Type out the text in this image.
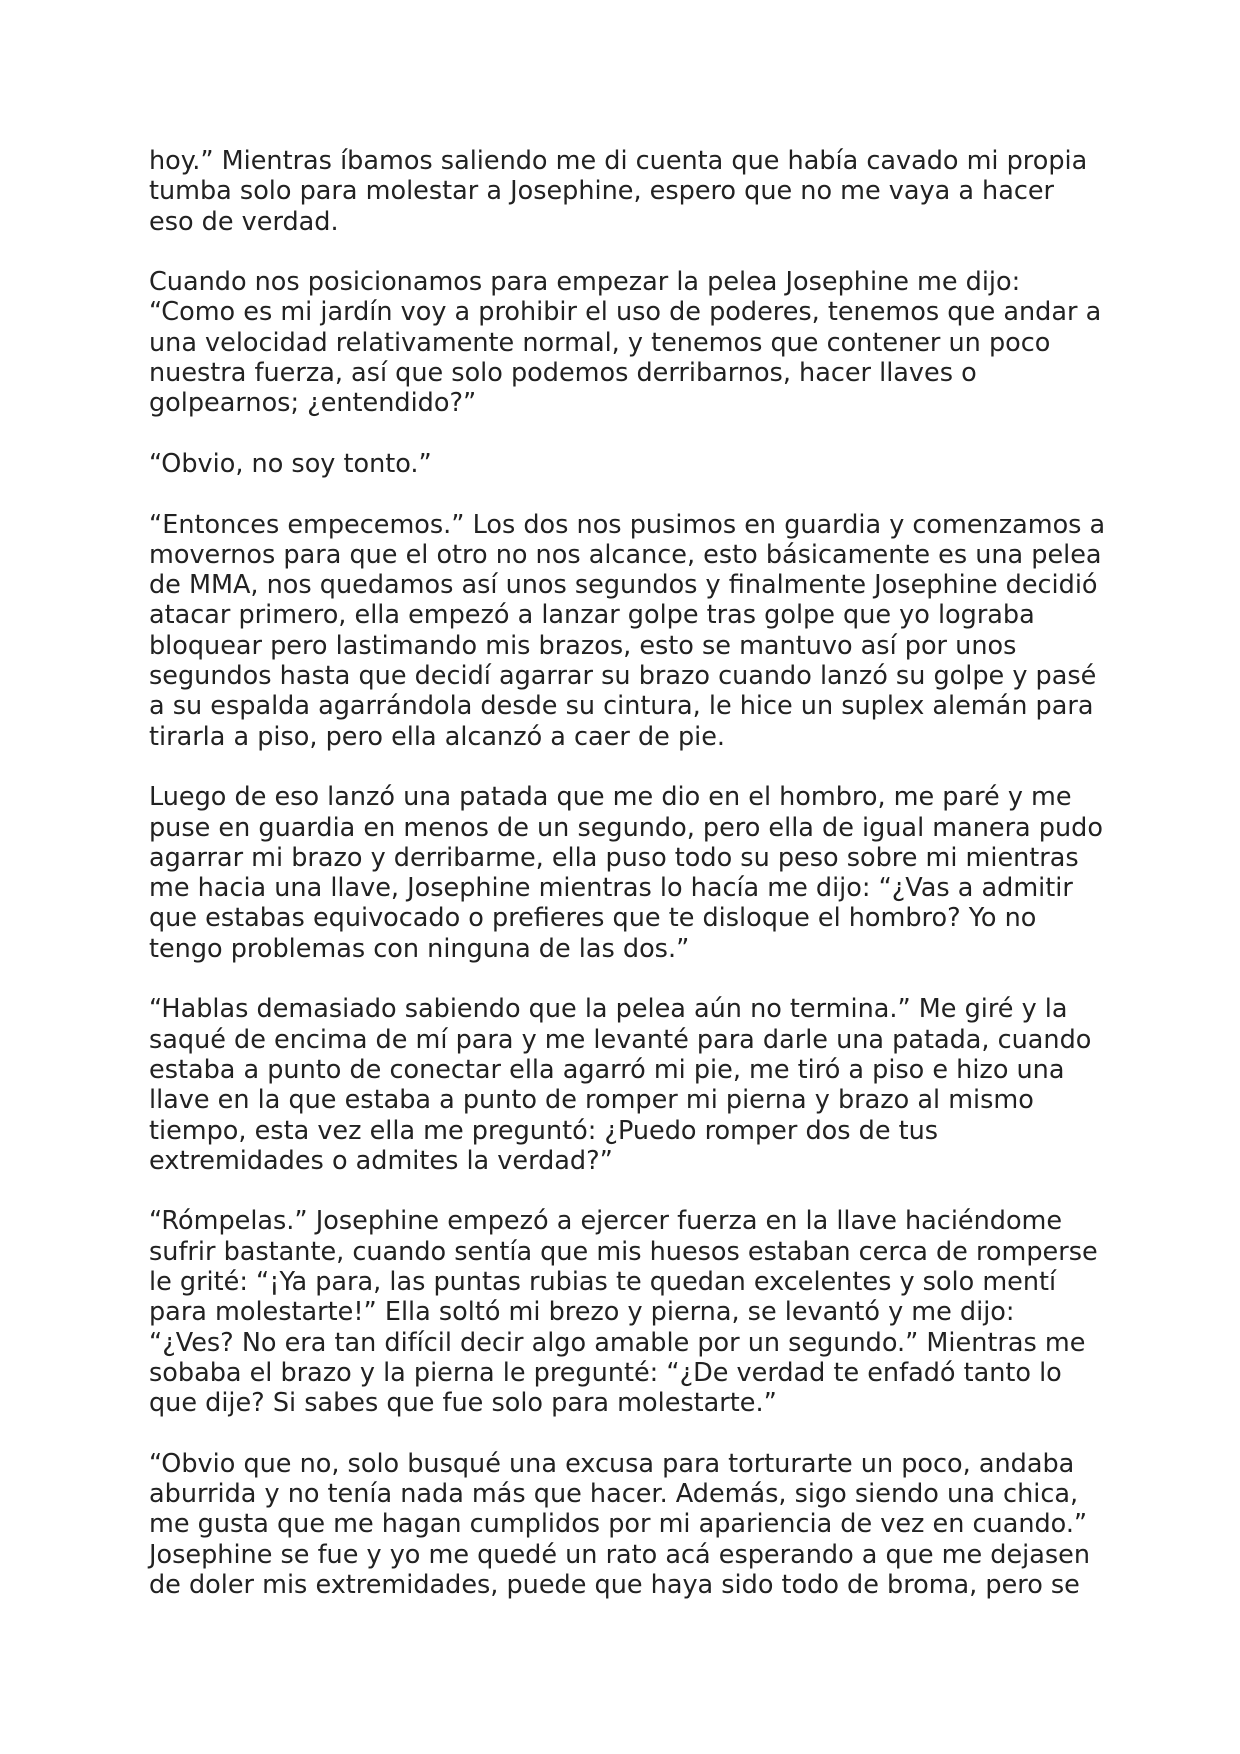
hoy.” Mientras íbamos saliendo me di cuenta que había cavado mi propia
tumba solo para molestar a Josephine, espero que no me vaya a hacer
eso de verdad.

Cuando nos posicionamos para empezar la pelea Josephine me dijo:
“Como es mi jardín voy a prohibir el uso de poderes, tenemos que andar a
una velocidad relativamente normal, y tenemos que contener un poco
nuestra fuerza, así que solo podemos derribarnos, hacer llaves o
golpearnos; ¿entendido?”

“Obvio, no soy tonto.”

“Entonces empecemos.” Los dos nos pusimos en guardia y comenzamos a
movernos para que el otro no nos alcance, esto básicamente es una pelea
de MMA, nos quedamos así unos segundos y finalmente Josephine decidió
atacar primero, ella empezó a lanzar golpe tras golpe que yo lograba
bloquear pero lastimando mis brazos, esto se mantuvo así por unos
segundos hasta que decidí agarrar su brazo cuando lanzó su golpe y pasé
a su espalda agarrándola desde su cintura, le hice un suplex alemán para
tirarla a piso, pero ella alcanzó a caer de pie.

Luego de eso lanzó una patada que me dio en el hombro, me paré y me
puse en guardia en menos de un segundo, pero ella de igual manera pudo
agarrar mi brazo y derribarme, ella puso todo su peso sobre mi mientras
me hacia una llave, Josephine mientras lo hacía me dijo: “¿Vas a admitir
que estabas equivocado o prefieres que te disloque el hombro? Yo no
tengo problemas con ninguna de las dos.”

“Hablas demasiado sabiendo que la pelea aún no termina.” Me giré y la
saqué de encima de mí para y me levanté para darle una patada, cuando
estaba a punto de conectar ella agarró mi pie, me tiró a piso e hizo una
llave en la que estaba a punto de romper mi pierna y brazo al mismo
tiempo, esta vez ella me preguntó: ¿Puedo romper dos de tus
extremidades o admites la verdad?”

“Rómpelas.” Josephine empezó a ejercer fuerza en la llave haciéndome
sufrir bastante, cuando sentía que mis huesos estaban cerca de romperse
le grité: “¡Ya para, las puntas rubias te quedan excelentes y solo mentí
para molestarte!” Ella soltó mi brezo y pierna, se levantó y me dijo:
“¿Ves? No era tan difícil decir algo amable por un segundo.” Mientras me
sobaba el brazo y la pierna le pregunté: “¿De verdad te enfadó tanto lo
que dije? Si sabes que fue solo para molestarte.”

“Obvio que no, solo busqué una excusa para torturarte un poco, andaba
aburrida y no tenía nada más que hacer. Además, sigo siendo una chica,
me gusta que me hagan cumplidos por mi apariencia de vez en cuando.”
Josephine se fue y yo me quedé un rato acá esperando a que me dejasen
de doler mis extremidades, puede que haya sido todo de broma, pero se
